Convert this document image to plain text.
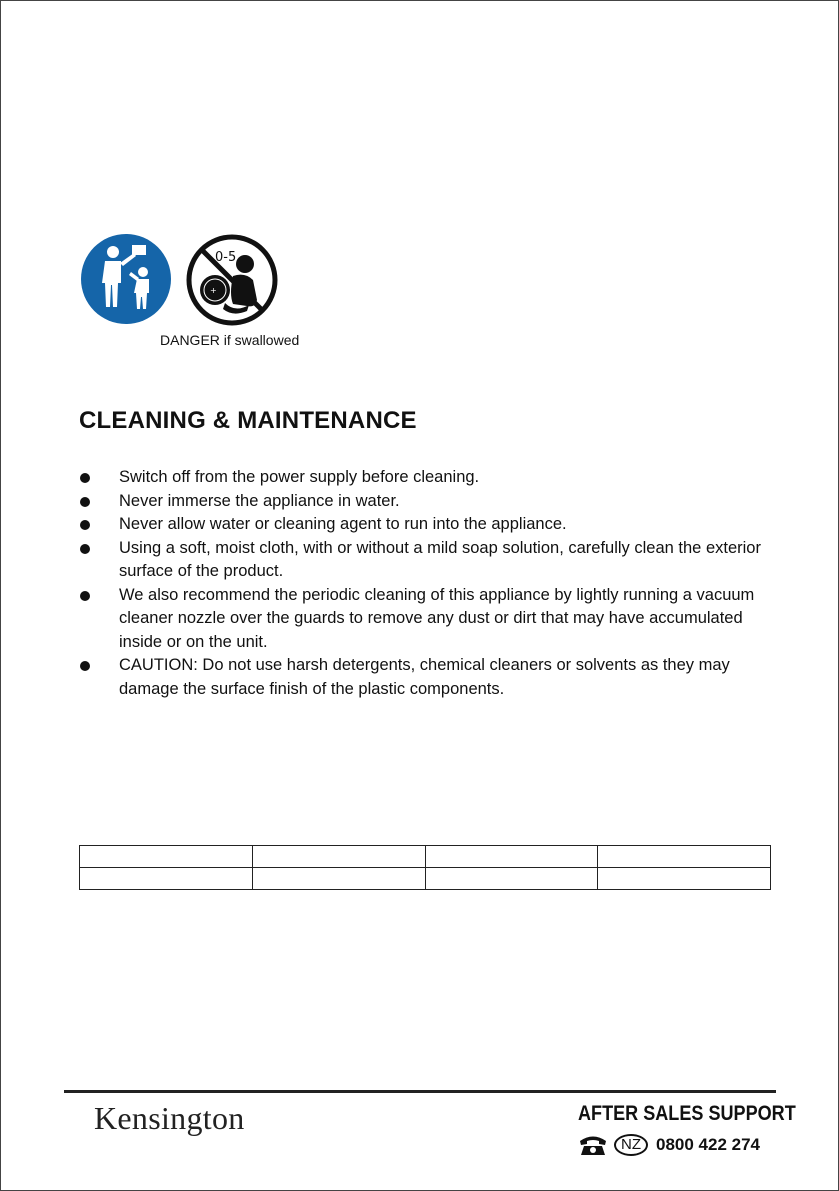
0-5
+
DANGER if swallowed
CLEANING & MAINTENANCE
Switch off from the power supply before cleaning.
Never immerse the appliance in water.
Never allow water or cleaning agent to run into the appliance.
Using a soft, moist cloth, with or without a mild soap solution, carefully clean the exterior surface of the product.
We also recommend the periodic cleaning of this appliance by lightly running a vacuum cleaner nozzle over the guards to remove any dust or dirt that may have accumulated inside or on the unit.
CAUTION: Do not use harsh detergents, chemical cleaners or solvents as they may damage the surface finish of the plastic components.

Kensington	AFTER SALES SUPPORT
NZ 0800 422 274
